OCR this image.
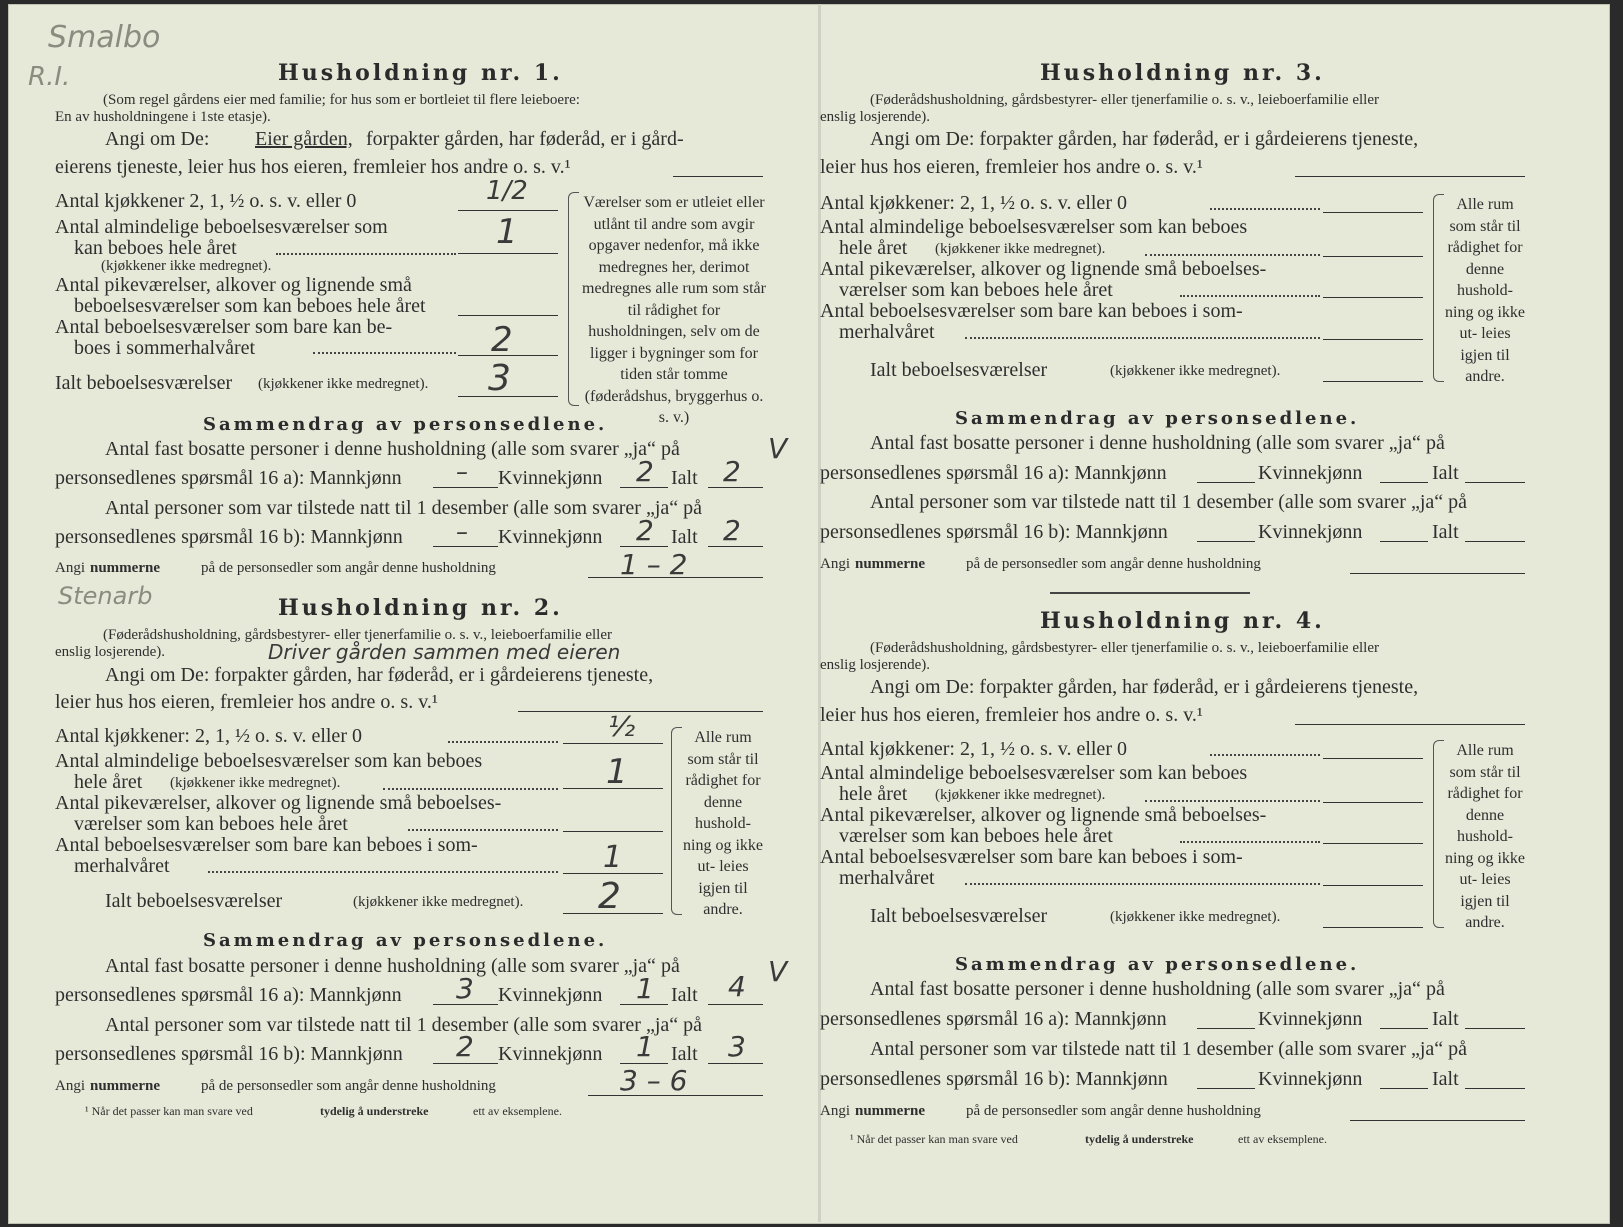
Smalbo
R.I.	Husholdning nr. 1.
(Som regel gårdens eier med familie; for hus som er bortleiet til flere leieboere:
En av husholdningene i 1ste etasje).
Angi om De: Eier gården, forpakter gården, har føderåd, er i gård-
eierens tjeneste, leier hus hos eieren, fremleier hos andre o. s. v.¹
Antal kjøkkener 2, 1, ½ o. s. v. eller 0	1/2
Antal almindelige beboelsesværelser som
kan beboes hele året	1
(kjøkkener ikke medregnet).
Antal pikeværelser, alkover og lignende små
beboelsesværelser som kan beboes hele året
Antal beboelsesværelser som bare kan be-
boes i sommerhalvåret	2
Ialt beboelsesværelser (kjøkkener ikke medregnet). 3
Værelser som er utleiet eller utlånt til andre som avgir opgaver nedenfor, må ikke medregnes her, derimot medregnes alle rum som står til rådighet for husholdningen, selv om de ligger i bygninger som for tiden står tomme (føderådshus, bryggerhus o. s. v.)
Sammendrag av personsedlene.
Antal fast bosatte personer i denne husholdning (alle som svarer „ja“ på	V
personsedlenes spørsmål 16 a): Mannkjønn – Kvinnekjønn 2 Ialt 2
Antal personer som var tilstede natt til 1 desember (alle som svarer „ja“ på
personsedlenes spørsmål 16 b): Mannkjønn – Kvinnekjønn 2 Ialt 2
Angi nummerne	på de personsedler som angår denne husholdning	1 – 2
Stenarb	Husholdning nr. 2.
(Føderådshusholdning, gårdsbestyrer- eller tjenerfamilie o. s. v., leieboerfamilie eller
enslig losjerende).	Driver gården sammen med eieren
Angi om De: forpakter gården, har føderåd, er i gårdeierens tjeneste,
leier hus hos eieren, fremleier hos andre o. s. v.¹
Antal kjøkkener: 2, 1, ½ o. s. v. eller 0	½
Antal almindelige beboelsesværelser som kan beboes
hele året (kjøkkener ikke medregnet).	1
Antal pikeværelser, alkover og lignende små beboelses-
værelser som kan beboes hele året
Antal beboelsesværelser som bare kan beboes i som-
merhalvåret	1
Ialt beboelsesværelser	(kjøkkener ikke medregnet). 2
Alle rum som står til rådighet for denne hushold- ning og ikke ut- leies igjen til andre.
Sammendrag av personsedlene.
Antal fast bosatte personer i denne husholdning (alle som svarer „ja“ på	V
personsedlenes spørsmål 16 a): Mannkjønn 3 Kvinnekjønn 1 Ialt 4
Antal personer som var tilstede natt til 1 desember (alle som svarer „ja“ på
personsedlenes spørsmål 16 b): Mannkjønn 2 Kvinnekjønn 1 Ialt 3
Angi nummerne	på de personsedler som angår denne husholdning	3 – 6
¹ Når det passer kan man svare ved	tydelig å understreke	ett av eksemplene.
Husholdning nr. 3.
(Føderådshusholdning, gårdsbestyrer- eller tjenerfamilie o. s. v., leieboerfamilie eller
enslig losjerende).
Angi om De: forpakter gården, har føderåd, er i gårdeierens tjeneste,
leier hus hos eieren, fremleier hos andre o. s. v.¹
Antal kjøkkener: 2, 1, ½ o. s. v. eller 0
Antal almindelige beboelsesværelser som kan beboes
hele året (kjøkkener ikke medregnet).
Antal pikeværelser, alkover og lignende små beboelses-
værelser som kan beboes hele året
Antal beboelsesværelser som bare kan beboes i som-
merhalvåret
Ialt beboelsesværelser	(kjøkkener ikke medregnet).
Alle rum som står til rådighet for denne hushold- ning og ikke ut- leies igjen til andre.
Sammendrag av personsedlene.
Antal fast bosatte personer i denne husholdning (alle som svarer „ja“ på
personsedlenes spørsmål 16 a): Mannkjønn	Kvinnekjønn	Ialt
Antal personer som var tilstede natt til 1 desember (alle som svarer „ja“ på
personsedlenes spørsmål 16 b): Mannkjønn	Kvinnekjønn	Ialt
Angi nummerne	på de personsedler som angår denne husholdning
Husholdning nr. 4.
(Føderådshusholdning, gårdsbestyrer- eller tjenerfamilie o. s. v., leieboerfamilie eller
enslig losjerende).
Angi om De: forpakter gården, har føderåd, er i gårdeierens tjeneste,
leier hus hos eieren, fremleier hos andre o. s. v.¹
Antal kjøkkener: 2, 1, ½ o. s. v. eller 0
Antal almindelige beboelsesværelser som kan beboes
hele året (kjøkkener ikke medregnet).
Antal pikeværelser, alkover og lignende små beboelses-
værelser som kan beboes hele året
Antal beboelsesværelser som bare kan beboes i som-
merhalvåret
Ialt beboelsesværelser	(kjøkkener ikke medregnet).
Alle rum som står til rådighet for denne hushold- ning og ikke ut- leies igjen til andre.
Sammendrag av personsedlene.
Antal fast bosatte personer i denne husholdning (alle som svarer „ja“ på
personsedlenes spørsmål 16 a): Mannkjønn	Kvinnekjønn	Ialt
Antal personer som var tilstede natt til 1 desember (alle som svarer „ja“ på
personsedlenes spørsmål 16 b): Mannkjønn	Kvinnekjønn	Ialt
Angi nummerne	på de personsedler som angår denne husholdning
¹ Når det passer kan man svare ved	tydelig å understreke	ett av eksemplene.
